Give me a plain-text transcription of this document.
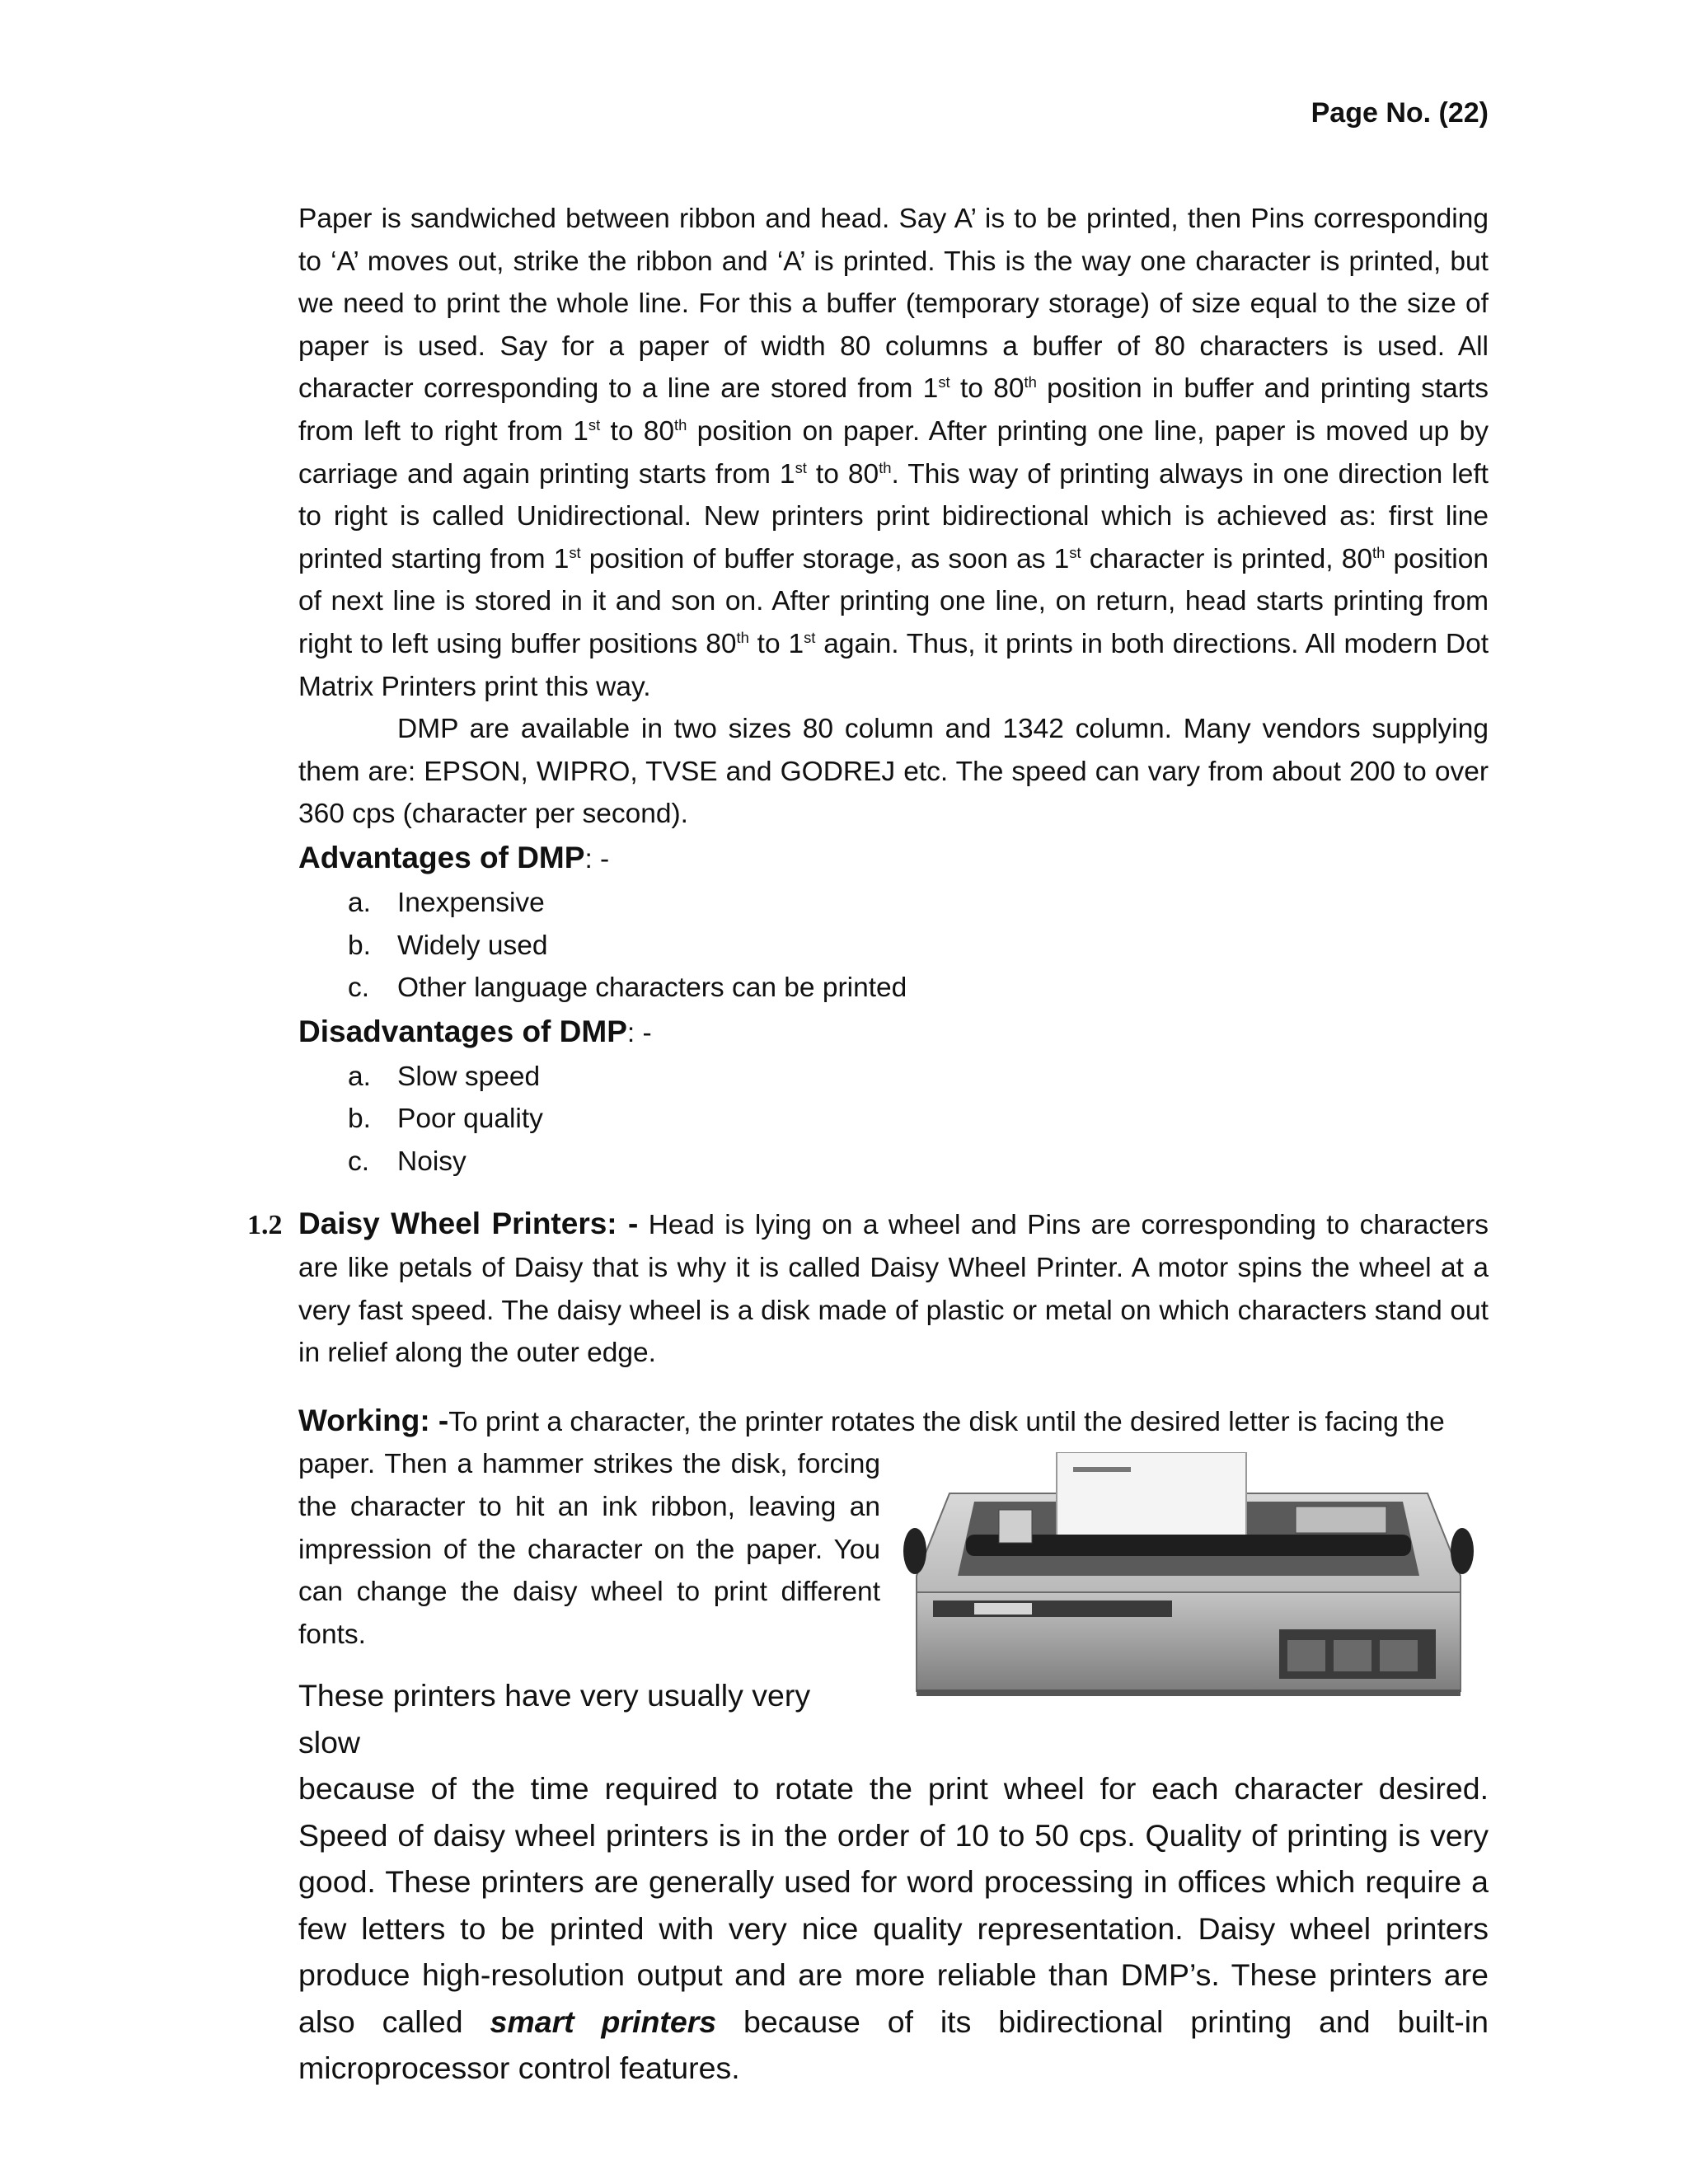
Page No. (22)

Paper is sandwiched between ribbon and head. Say A’ is to be printed, then Pins corresponding to ‘A’ moves out, strike the ribbon and ‘A’ is printed. This is the way one character is printed, but we need to print the whole line. For this a buffer (temporary storage) of size equal to the size of paper is used. Say for a paper of width 80 columns a buffer of 80 characters is used. All character corresponding to a line are stored from 1st to 80th position in buffer and printing starts from left to right from 1st to 80th position on paper. After printing one line, paper is moved up by carriage and again printing starts from 1st to 80th. This way of printing always in one direction left to right is called Unidirectional. New printers print bidirectional which is achieved as: first line printed starting from 1st position of buffer storage, as soon as 1st character is printed, 80th position of next line is stored in it and son on. After printing one line, on return, head starts printing from right to left using buffer positions 80th to 1st again. Thus, it prints in both directions. All modern Dot Matrix Printers print this way.

DMP are available in two sizes 80 column and 1342 column. Many vendors supplying them are: EPSON, WIPRO, TVSE and GODREJ etc. The speed can vary from about 200 to over 360 cps (character per second).

Advantages of DMP: -

a. Inexpensive
b. Widely used
c. Other language characters can be printed

Disadvantages of DMP: -

a. Slow speed
b. Poor quality
c. Noisy
1.2 Daisy Wheel Printers: - Head is lying on a wheel and Pins are corresponding to characters are like petals of Daisy that is why it is called Daisy Wheel Printer. A motor spins the wheel at a very fast speed. The daisy wheel is a disk made of plastic or metal on which characters stand out in relief along the outer edge.

Working: -To print a character, the printer rotates the disk until the desired letter is facing the

paper. Then a hammer strikes the disk, forcing the character to hit an ink ribbon, leaving an impression of the character on the paper. You can change the daisy wheel to print different fonts.

These printers have very usually very slow

because of the time required to rotate the print wheel for each character desired. Speed of daisy wheel printers is in the order of 10 to 50 cps. Quality of printing is very good. These printers are generally used for word processing in offices which require a few letters to be printed with very nice quality representation. Daisy wheel printers produce high-resolution output and are more reliable than DMP’s. These printers are also called smart printers because of its bidirectional printing and built-in microprocessor control features.
